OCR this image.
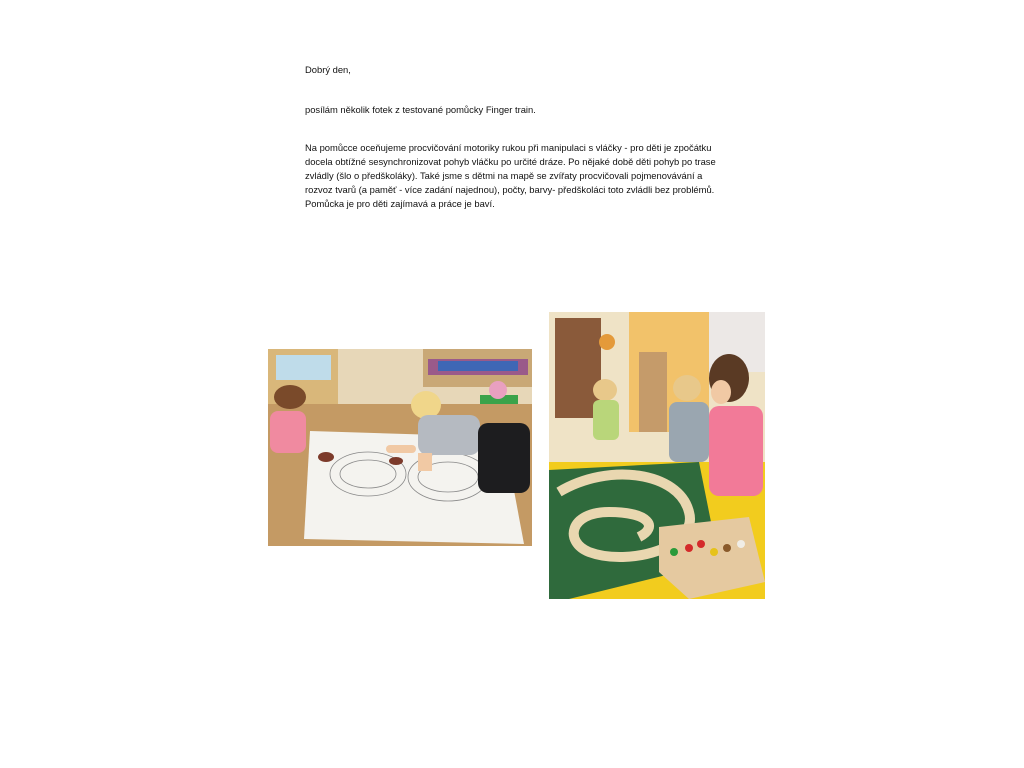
Dobrý den,

posílám několik fotek z testované pomůcky Finger train.

Na pomůcce oceňujeme procvičování motoriky rukou při manipulaci s vláčky - pro děti je zpočátku

docela obtížné sesynchronizovat pohyb vláčku po určité dráze. Po nějaké době děti pohyb po trase

zvládly (šlo o předškoláky). Také jsme s dětmi na mapě se zvířaty procvičovali pojmenovávání a

rozvoz tvarů (a paměť - více zadání najednou), počty, barvy- předškoláci toto zvládli bez problémů.

Pomůcka je pro děti zajímavá a práce je baví.
